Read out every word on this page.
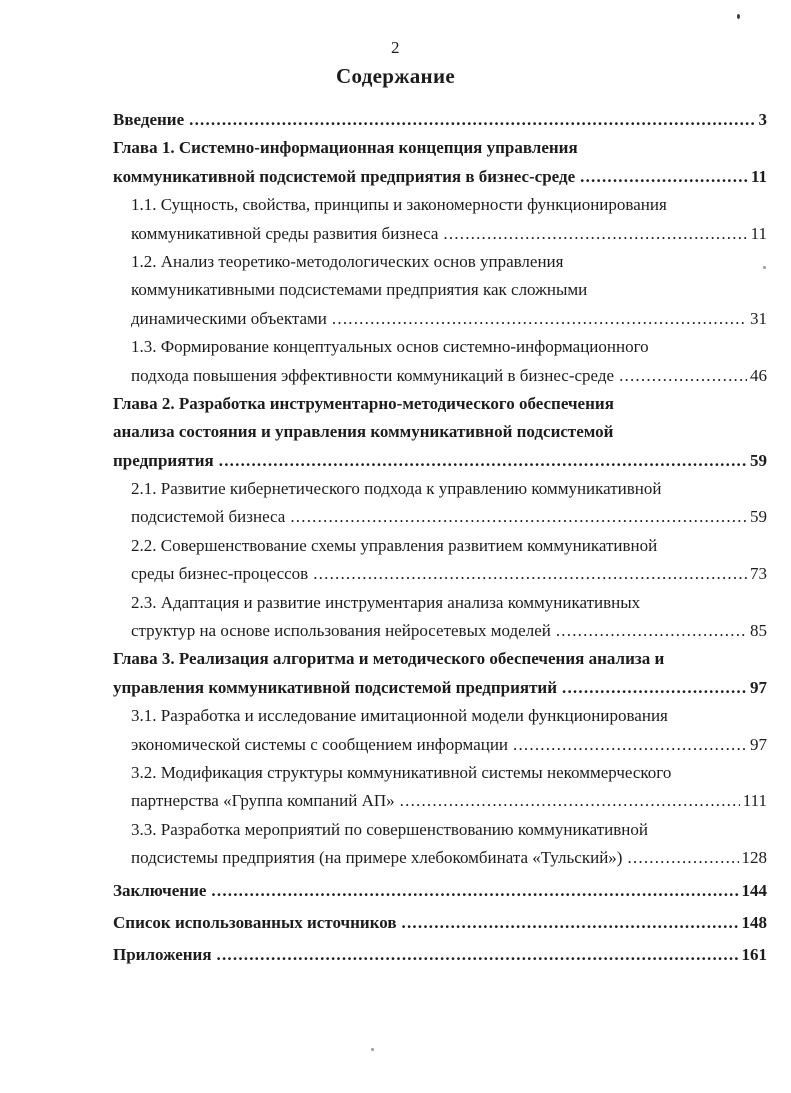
2
Содержание
Введение .....	3
Глава 1. Системно-информационная концепция управления
коммуникативной подсистемой предприятия в бизнес-среде .....	11
1.1. Сущность, свойства, принципы и закономерности функционирования
коммуникативной среды развития бизнеса .....	11
1.2. Анализ теоретико-методологических основ управления
коммуникативными подсистемами предприятия как сложными
динамическими объектами .....	31
1.3. Формирование концептуальных основ системно-информационного
подхода повышения эффективности коммуникаций в бизнес-среде .....	46
Глава 2. Разработка инструментарно-методического обеспечения
анализа состояния и управления коммуникативной подсистемой
предприятия .....	59
2.1. Развитие кибернетического подхода к управлению коммуникативной
подсистемой бизнеса .....	59
2.2. Совершенствование схемы управления развитием коммуникативной
среды бизнес-процессов .....	73
2.3. Адаптация и развитие инструментария анализа коммуникативных
структур на основе использования нейросетевых моделей .....	85
Глава 3. Реализация алгоритма и методического обеспечения анализа и
управления коммуникативной подсистемой предприятий .....	97
3.1. Разработка и исследование имитационной модели функционирования
экономической системы с сообщением информации .....	97
3.2. Модификация структуры коммуникативной системы некоммерческого
партнерства «Группа компаний АП» .....	111
3.3. Разработка мероприятий по совершенствованию коммуникативной
подсистемы предприятия (на примере хлебокомбината «Тульский») .....	128
Заключение .....	144
Список использованных источников .....	148
Приложения .....	161
